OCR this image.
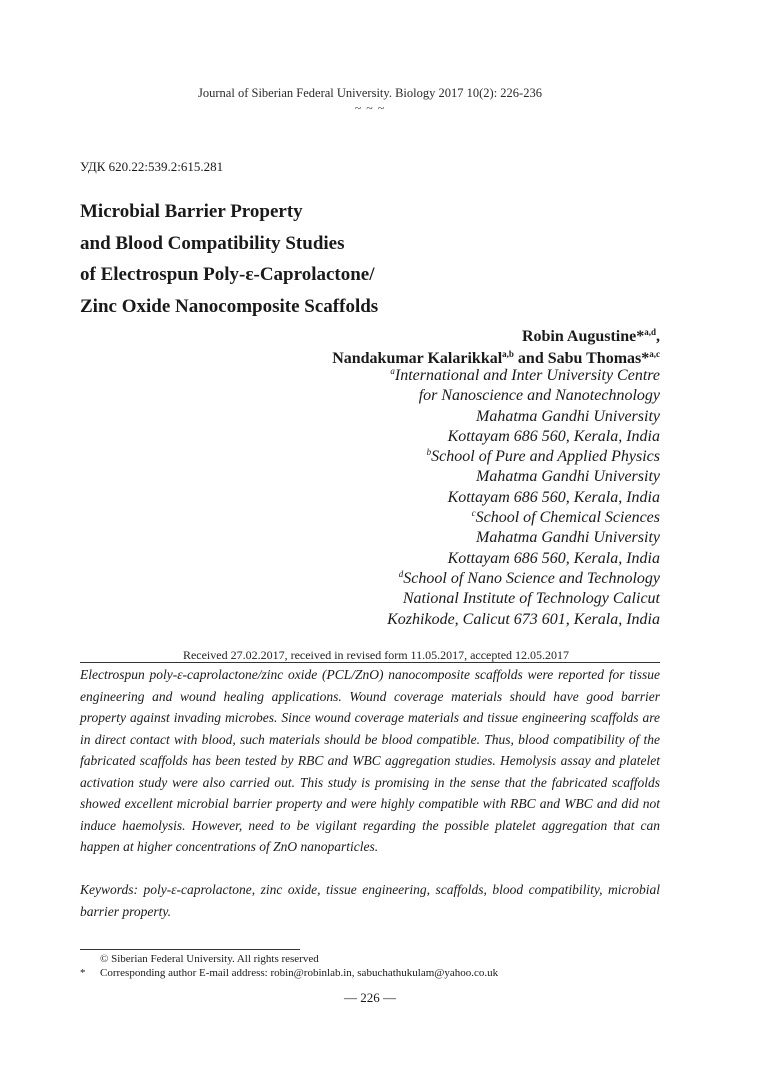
Journal of Siberian Federal University. Biology 2017 10(2): 226-236
~ ~ ~
УДК 620.22:539.2:615.281
Microbial Barrier Property
and Blood Compatibility Studies
of Electrospun Poly-ɛ-Caprolactone/
Zinc Oxide Nanocomposite Scaffolds
Robin Augustine*$^{a,d}$,
Nandakumar Kalarikkal$^{a,b}$ and Sabu Thomas*$^{a,c}$
$^a$International and Inter University Centre
for Nanoscience and Nanotechnology
Mahatma Gandhi University
Kottayam 686 560, Kerala, India
$^b$School of Pure and Applied Physics
Mahatma Gandhi University
Kottayam 686 560, Kerala, India
$^c$School of Chemical Sciences
Mahatma Gandhi University
Kottayam 686 560, Kerala, India
$^d$School of Nano Science and Technology
National Institute of Technology Calicut
Kozhikode, Calicut 673 601, Kerala, India
Received 27.02.2017, received in revised form 11.05.2017, accepted 12.05.2017

Electrospun poly-ɛ-caprolactone/zinc oxide (PCL/ZnO) nanocomposite scaffolds were reported for tissue engineering and wound healing applications. Wound coverage materials should have good barrier property against invading microbes. Since wound coverage materials and tissue engineering scaffolds are in direct contact with blood, such materials should be blood compatible. Thus, blood compatibility of the fabricated scaffolds has been tested by RBC and WBC aggregation studies. Hemolysis assay and platelet activation study were also carried out. This study is promising in the sense that the fabricated scaffolds showed excellent microbial barrier property and were highly compatible with RBC and WBC and did not induce haemolysis. However, need to be vigilant regarding the possible platelet aggregation that can happen at higher concentrations of ZnO nanoparticles.

Keywords: poly-ɛ-caprolactone, zinc oxide, tissue engineering, scaffolds, blood compatibility, microbial barrier property.

© Siberian Federal University. All rights reserved
* Corresponding author E-mail address: robin@robinlab.in, sabuchathukulam@yahoo.co.uk
— 226 —
